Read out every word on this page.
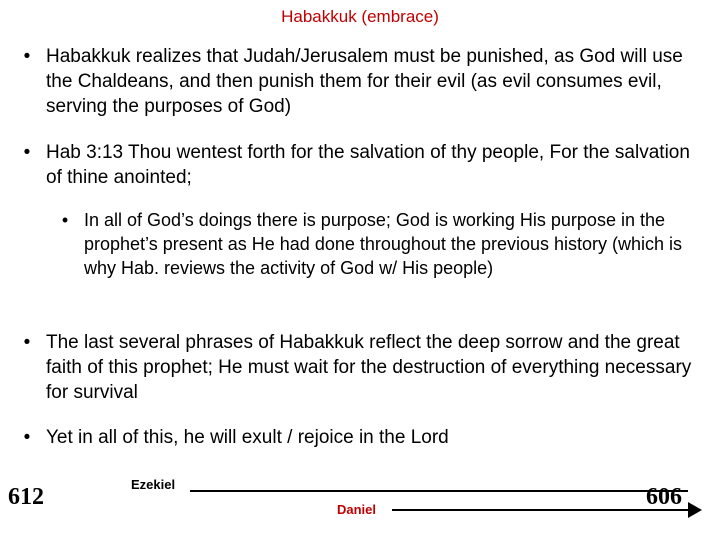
Habakkuk (embrace)
• Habakkuk realizes that Judah/Jerusalem must be punished, as God will use the Chaldeans, and then punish them for their evil (as evil consumes evil, serving the purposes of God)
• Hab 3:13 Thou wentest forth for the salvation of thy people, For the salvation of thine anointed;
• In all of God’s doings there is purpose; God is working His purpose in the prophet’s present as He had done throughout the previous history (which is why Hab. reviews the activity of God w/ His people)
• The last several phrases of Habakkuk reflect the deep sorrow and the great faith of this prophet; He must wait for the destruction of everything necessary for survival
• Yet in all of this, he will exult / rejoice in the Lord
612	Ezekiel
Daniel	606
